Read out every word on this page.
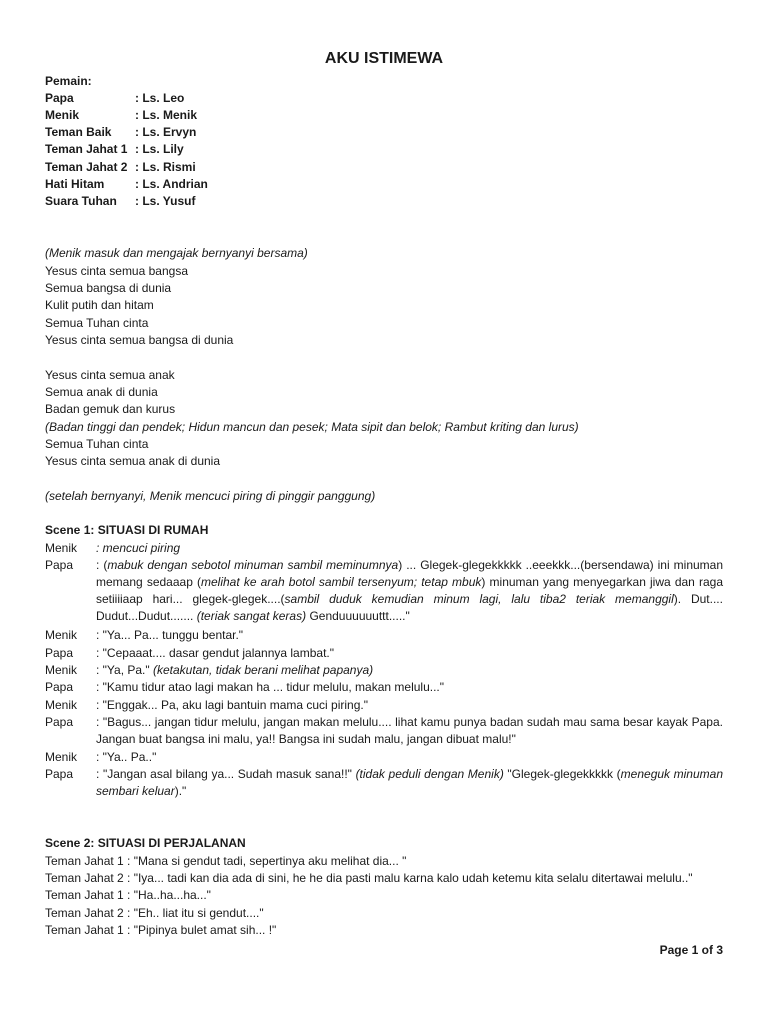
AKU ISTIMEWA
Pemain:
Papa	: Ls. Leo
Menik	: Ls. Menik
Teman Baik : Ls. Ervyn
Teman Jahat 1 : Ls. Lily
Teman Jahat 2 : Ls. Rismi
Hati Hitam	: Ls. Andrian
Suara Tuhan : Ls. Yusuf
(Menik masuk dan mengajak bernyanyi bersama)
Yesus cinta semua bangsa
Semua bangsa di dunia
Kulit putih dan hitam
Semua Tuhan cinta
Yesus cinta semua bangsa di dunia
Yesus cinta semua anak
Semua anak di dunia
Badan gemuk dan kurus
(Badan tinggi dan pendek; Hidun mancun dan pesek; Mata sipit dan belok; Rambut kriting dan lurus)
Semua Tuhan cinta
Yesus cinta semua anak di dunia
(setelah bernyanyi, Menik mencuci piring di pinggir panggung)
Scene 1: SITUASI DI RUMAH
Menik : mencuci piring
Papa : (mabuk dengan sebotol minuman sambil meminumnya) ... Glegek-glegekkkkk ..eeekkk...(bersendawa) ini minuman memang sedaaap (melihat ke arah botol sambil tersenyum; tetap mbuk) minuman yang menyegarkan jiwa dan raga setiiiiaap hari... glegek-glegek....(sambil duduk kemudian minum lagi, lalu tiba2 teriak memanggil). Dut.... Dudut...Dudut....... (teriak sangat keras) Genduuuuuuttt....."
Menik : "Ya... Pa... tunggu bentar."
Papa : "Cepaaat.... dasar gendut jalannya lambat."
Menik : "Ya, Pa." (ketakutan, tidak berani melihat papanya)
Papa : "Kamu tidur atao lagi makan ha ... tidur melulu, makan melulu..."
Menik : "Enggak... Pa, aku lagi bantuin mama cuci piring."
Papa : "Bagus... jangan tidur melulu, jangan makan melulu.... lihat kamu punya badan sudah mau sama besar kayak Papa. Jangan buat bangsa ini malu, ya!! Bangsa ini sudah malu, jangan dibuat malu!"
Menik : "Ya.. Pa.."
Papa : "Jangan asal bilang ya... Sudah masuk sana!!" (tidak peduli dengan Menik) "Glegek-glegekkkkk (meneguk minuman sembari keluar)."
Scene 2: SITUASI DI PERJALANAN
Teman Jahat 1 : "Mana si gendut tadi, sepertinya aku melihat dia... "
Teman Jahat 2 : "Iya... tadi kan dia ada di sini, he he dia pasti malu karna kalo udah ketemu kita selalu ditertawai melulu.."
Teman Jahat 1 : "Ha..ha...ha..."
Teman Jahat 2 : "Eh.. liat itu si gendut...."
Teman Jahat 1 : "Pipinya bulet amat sih... !"
Page 1 of 3
